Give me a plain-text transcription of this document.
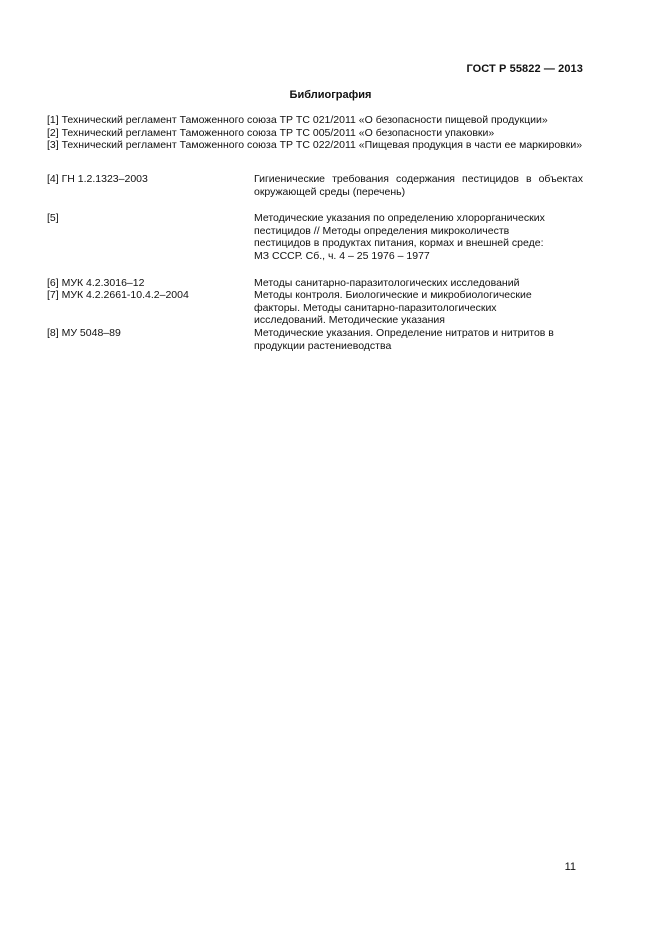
ГОСТ Р 55822 — 2013
Библиография
[1] Технический регламент Таможенного союза ТР ТС 021/2011 «О безопасности пищевой продукции»
[2] Технический регламент Таможенного союза ТР ТС 005/2011 «О безопасности упаковки»
[3] Технический регламент Таможенного союза ТР ТС 022/2011 «Пищевая продукция в части ее маркировки»
[4] ГН 1.2.1323–2003	Гигиенические требования содержания пестицидов в объектах окружающей среды (перечень)
[5]	Методические указания по определению хлорорганических
пестицидов // Методы определения микроколичеств
пестицидов в продуктах питания, кормах и внешней среде:
МЗ СССР. Сб., ч. 4 – 25 1976 – 1977
[6] МУК 4.2.3016–12	Методы санитарно-паразитологических исследований
[7] МУК 4.2.2661-10.4.2–2004	Методы контроля. Биологические и микробиологические
факторы. Методы санитарно-паразитологических
исследований. Методические указания
[8] МУ 5048–89	Методические указания. Определение нитратов и нитритов в
продукции растениеводства
11
